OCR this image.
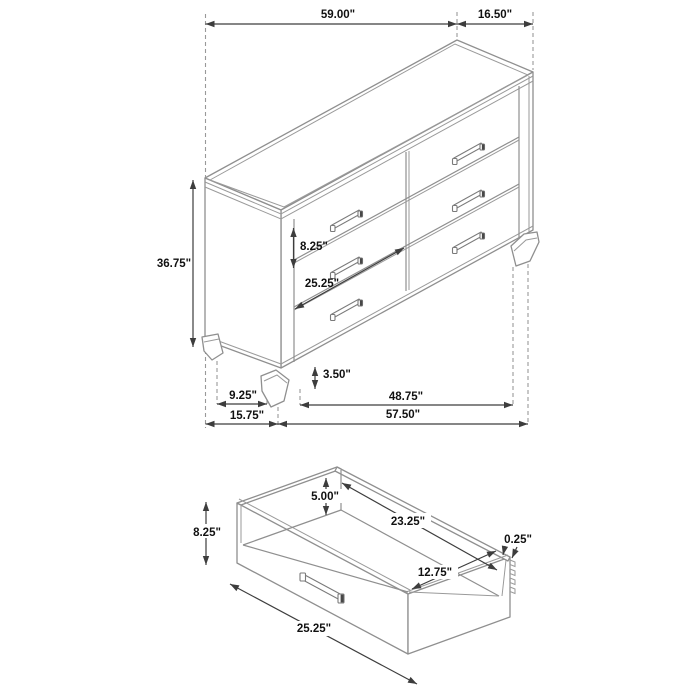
59.00"	16.50"
36.75"
8.25"
25.25"
3.50"
9.25"	48.75"
15.75"	57.50"
8.25"
5.00"
23.25"
12.75"
0.25"
25.25"
